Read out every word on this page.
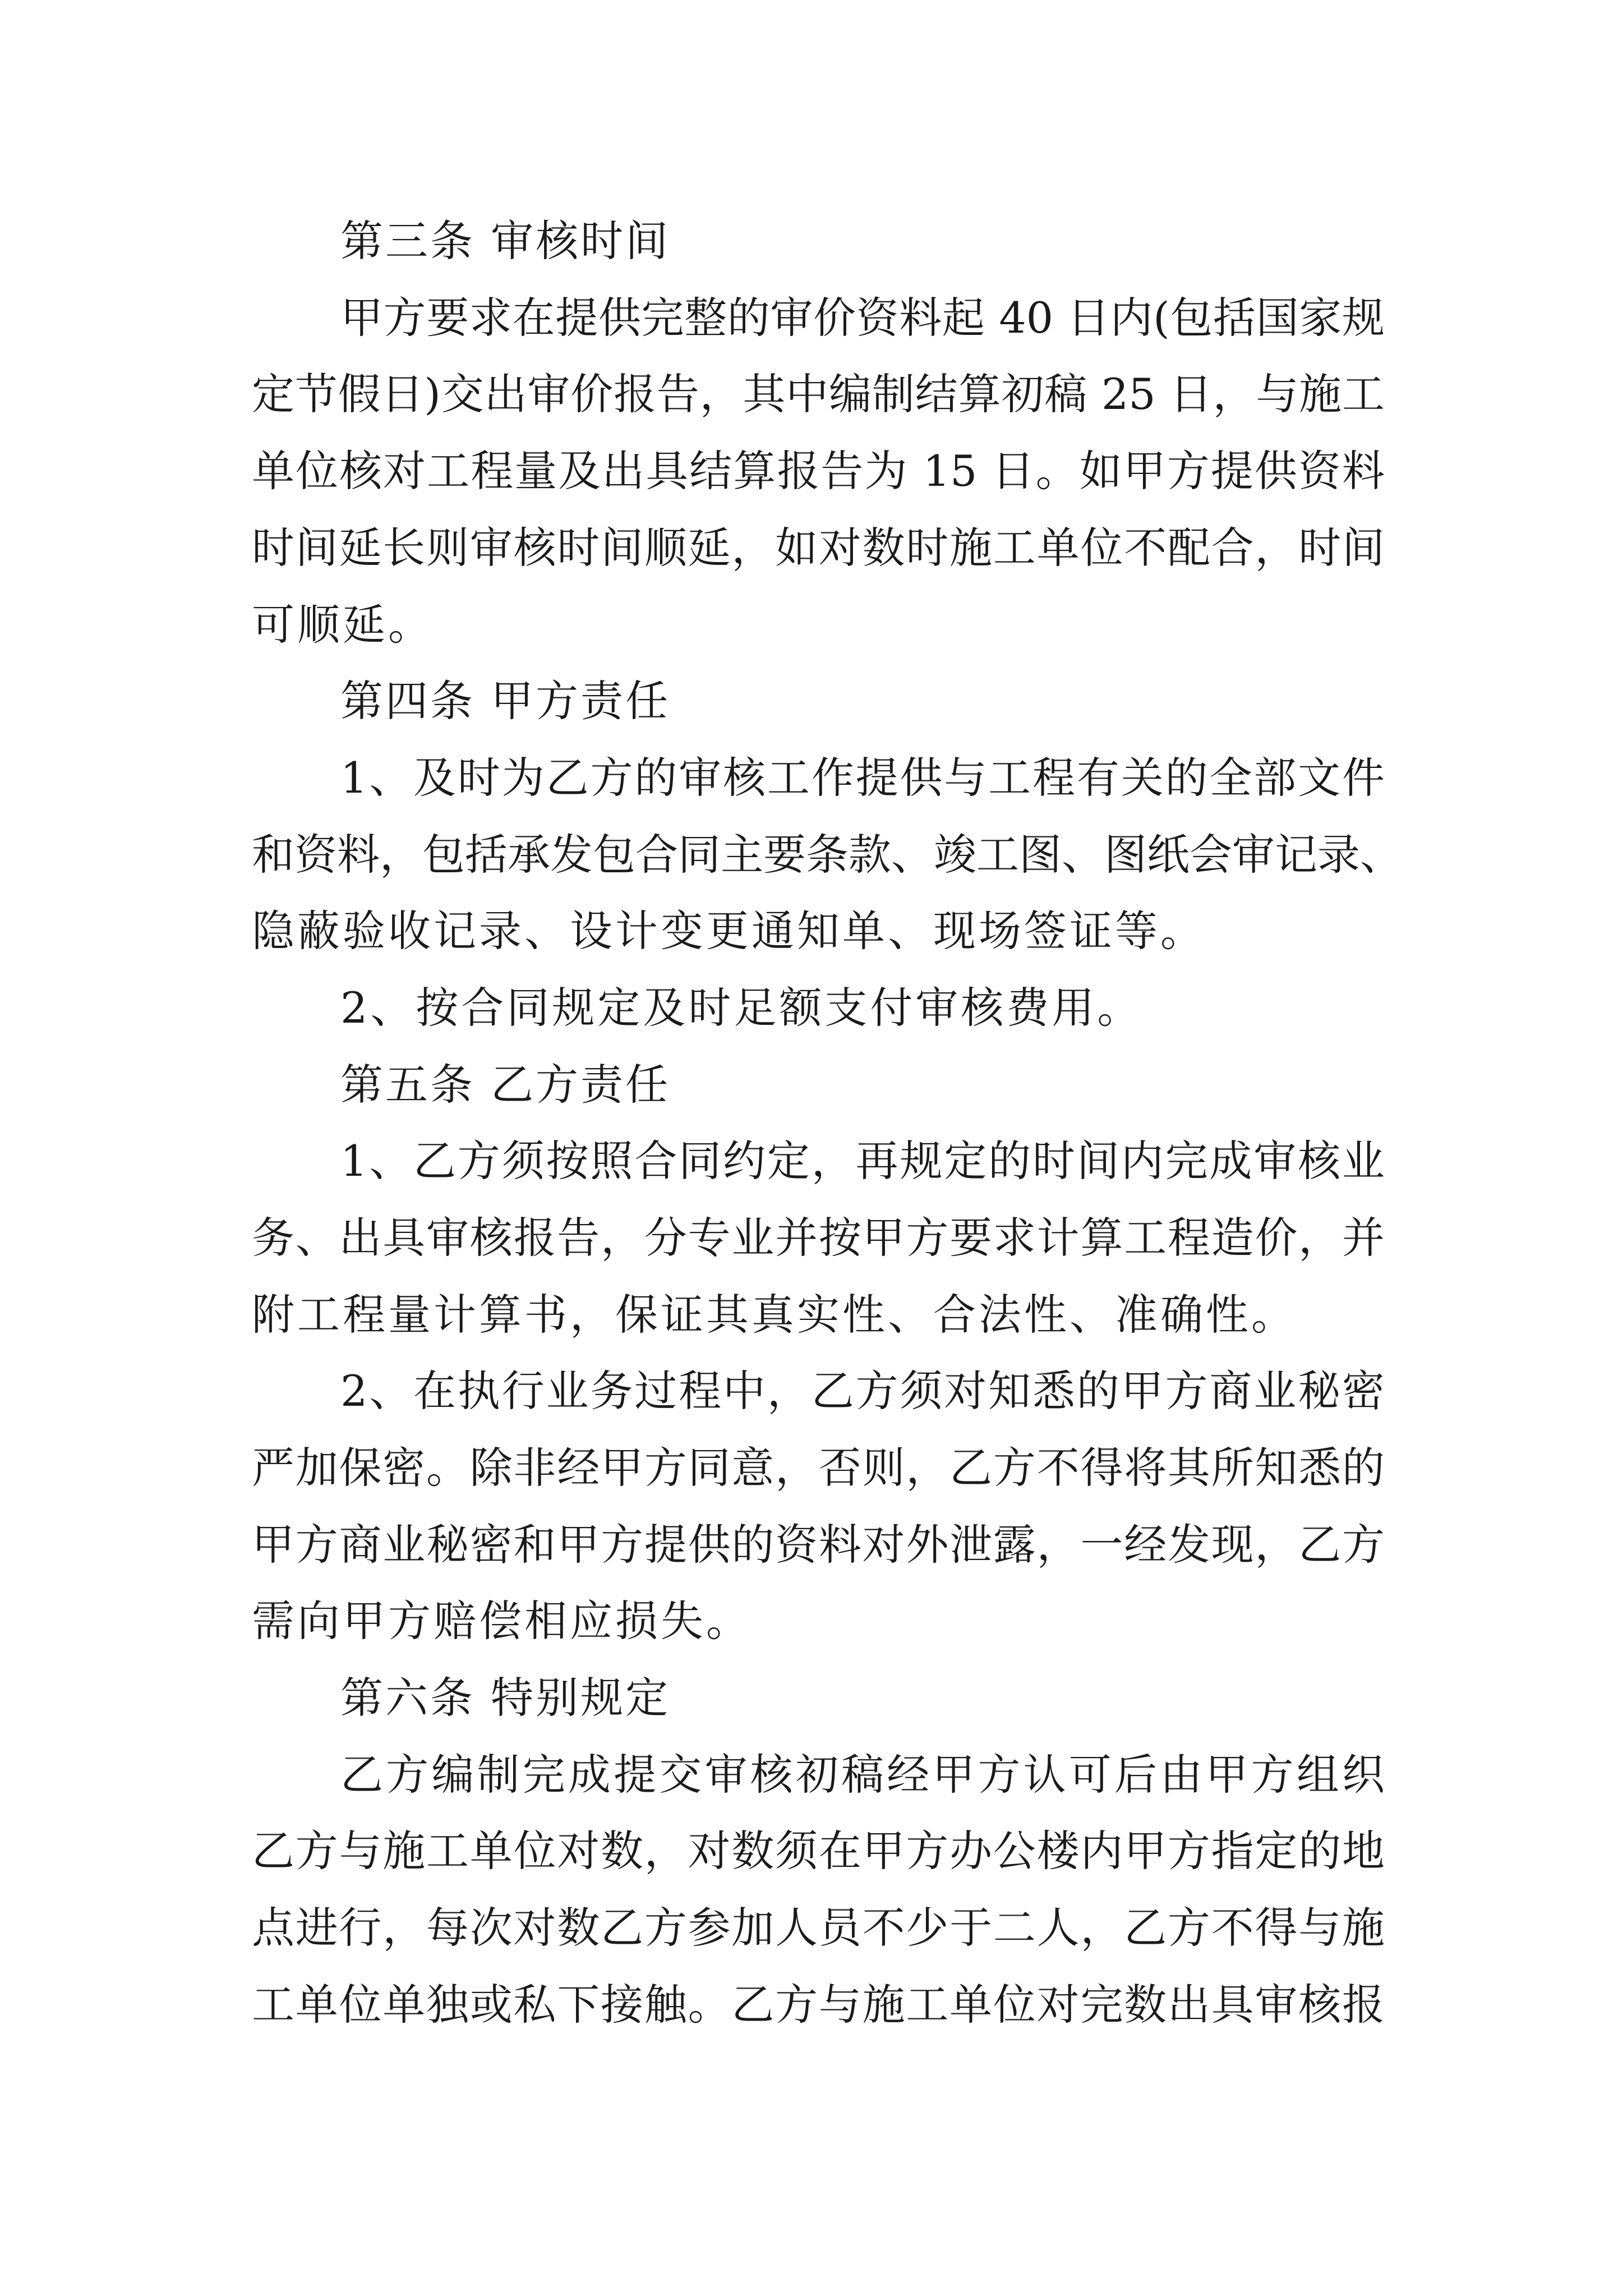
第三条 审核时间
甲方要求在提供完整的审价资料起 40 日内(包括国家规
定节假日)交出审价报告，其中编制结算初稿 25 日，与施工
单位核对工程量及出具结算报告为 15 日。如甲方提供资料
时间延长则审核时间顺延，如对数时施工单位不配合，时间
可顺延。
第四条 甲方责任
1、及时为乙方的审核工作提供与工程有关的全部文件
和资料，包括承发包合同主要条款、竣工图、图纸会审记录、
隐蔽验收记录、设计变更通知单、现场签证等。
2、按合同规定及时足额支付审核费用。
第五条 乙方责任
1、乙方须按照合同约定，再规定的时间内完成审核业
务、出具审核报告，分专业并按甲方要求计算工程造价，并
附工程量计算书，保证其真实性、合法性、准确性。
2、在执行业务过程中，乙方须对知悉的甲方商业秘密
严加保密。除非经甲方同意，否则，乙方不得将其所知悉的
甲方商业秘密和甲方提供的资料对外泄露，一经发现，乙方
需向甲方赔偿相应损失。
第六条 特别规定
乙方编制完成提交审核初稿经甲方认可后由甲方组织
乙方与施工单位对数，对数须在甲方办公楼内甲方指定的地
点进行，每次对数乙方参加人员不少于二人，乙方不得与施
工单位单独或私下接触。乙方与施工单位对完数出具审核报
